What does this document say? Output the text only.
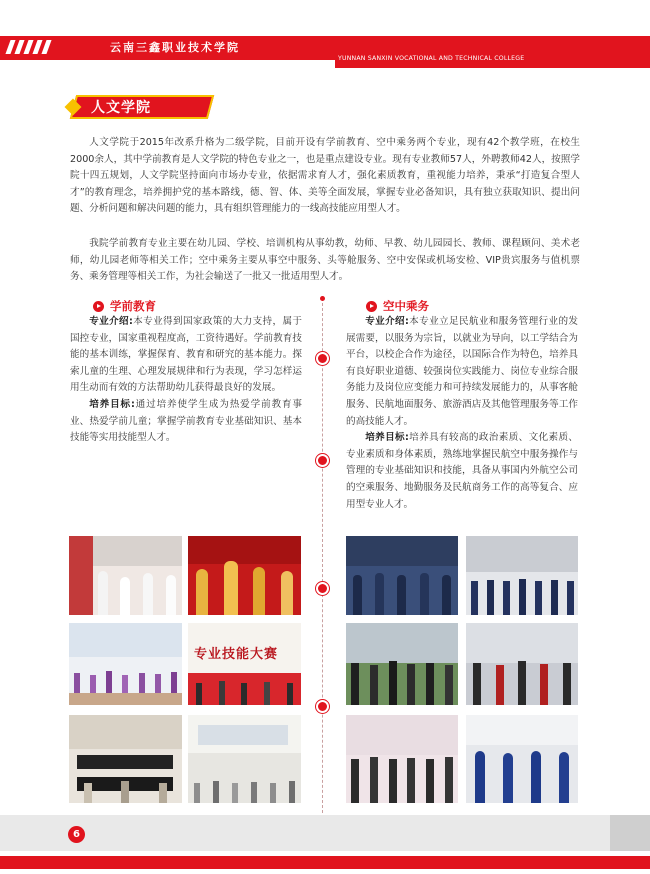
云南三鑫职业技术学院
YUNNAN SANXIN VOCATIONAL AND TECHNICAL COLLEGE
人文学院

人文学院于2015年改系升格为二级学院，目前开设有学前教育、空中乘务两个专业，现有42个教学班，在校生2000余人，其中学前教育是人文学院的特色专业之一，也是重点建设专业。现有专业教师57人，外聘教师42人，按照学院十四五规划，人文学院坚持面向市场办专业，依据需求育人才，强化素质教育，重视能力培养，秉承“打造复合型人才”的教育理念，培养拥护党的基本路线，德、智、体、美等全面发展，掌握专业必备知识，具有独立获取知识、提出问题、分析问题和解决问题的能力，具有组织管理能力的一线高技能应用型人才。

我院学前教育专业主要在幼儿园、学校、培训机构从事幼教，幼师、早教、幼儿园园长、教师、课程顾问、美术老师，幼儿园老师等相关工作；空中乘务主要从事空中服务、头等舱服务、空中安保或机场安检、VIP贵宾服务与值机票务、乘务管理等相关工作，为社会输送了一批又一批适用型人才。

学前教育

专业介绍:本专业得到国家政策的大力支持，属于国控专业，国家重视程度高，工资待遇好。学前教育技能的基本训练，掌握保育、教育和研究的基本能力。探索儿童的生理、心理发展规律和行为表现，学习怎样运用生动而有效的方法帮助幼儿获得最良好的发展。

培养目标:通过培养使学生成为热爱学前教育事业、热爱学前儿童；掌握学前教育专业基础知识、基本技能等实用技能型人才。

空中乘务

专业介绍:本专业立足民航业和服务管理行业的发展需要，以服务为宗旨，以就业为导向，以工学结合为平台，以校企合作为途径，以国际合作为特色，培养具有良好职业道德、较强岗位实践能力、岗位专业综合服务能力及岗位应变能力和可持续发展能力的，从事客舱服务、民航地面服务、旅游酒店及其他管理服务等工作的高技能人才。

培养目标:培养具有较高的政治素质、文化素质、专业素质和身体素质，熟练地掌握民航空中服务操作与管理的专业基础知识和技能，具备从事国内外航空公司的空乘服务、地勤服务及民航商务工作的高等复合、应用型专业人才。

专业技能大赛
6
